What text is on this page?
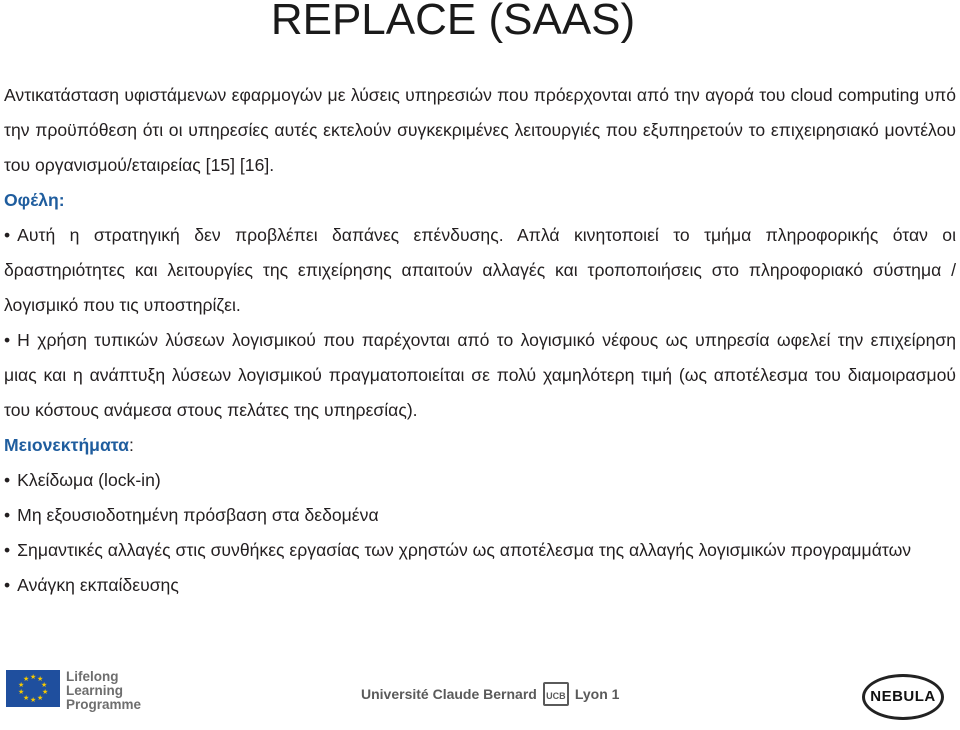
REPLACE (SAAS)

Αντικατάσταση υφιστάμενων εφαρμογών με λύσεις υπηρεσιών που πρόερχονται από την αγορά του cloud computing υπό την προϋπόθεση ότι οι υπηρεσίες αυτές εκτελούν συγκεκριμένες λειτουργιές που εξυπηρετούν το επιχειρησιακό μοντέλου του οργανισμού/εταιρείας [15] [16].

Οφέλη:

• Αυτή η στρατηγική δεν προβλέπει δαπάνες επένδυσης. Απλά κινητοποιεί το τμήμα πληροφορικής όταν οι δραστηριότητες και λειτουργίες της επιχείρησης απαιτούν αλλαγές και τροποποιήσεις στο πληροφοριακό σύστημα / λογισμικό που τις υποστηρίζει.

• Η χρήση τυπικών λύσεων λογισμικού που παρέχονται από το λογισμικό νέφους ως υπηρεσία ωφελεί την επιχείρηση μιας και η ανάπτυξη λύσεων λογισμικού πραγματοποιείται σε πολύ χαμηλότερη τιμή (ως αποτέλεσμα του διαμοιρασμού του κόστους ανάμεσα στους πελάτες της υπηρεσίας).

Μειονεκτήματα:

• Κλείδωμα (lock-in)

• Μη εξουσιοδοτημένη πρόσβαση στα δεδομένα

• Σημαντικές αλλαγές στις συνθήκες εργασίας των χρηστών ως αποτέλεσμα της αλλαγής λογισμικών προγραμμάτων

• Ανάγκη εκπαίδευσης

★ ★
★
★
★
★
★
★
★
★	Lifelong
Learning
Programme
Université Claude Bernard	UCB Lyon 1	NEBULA
